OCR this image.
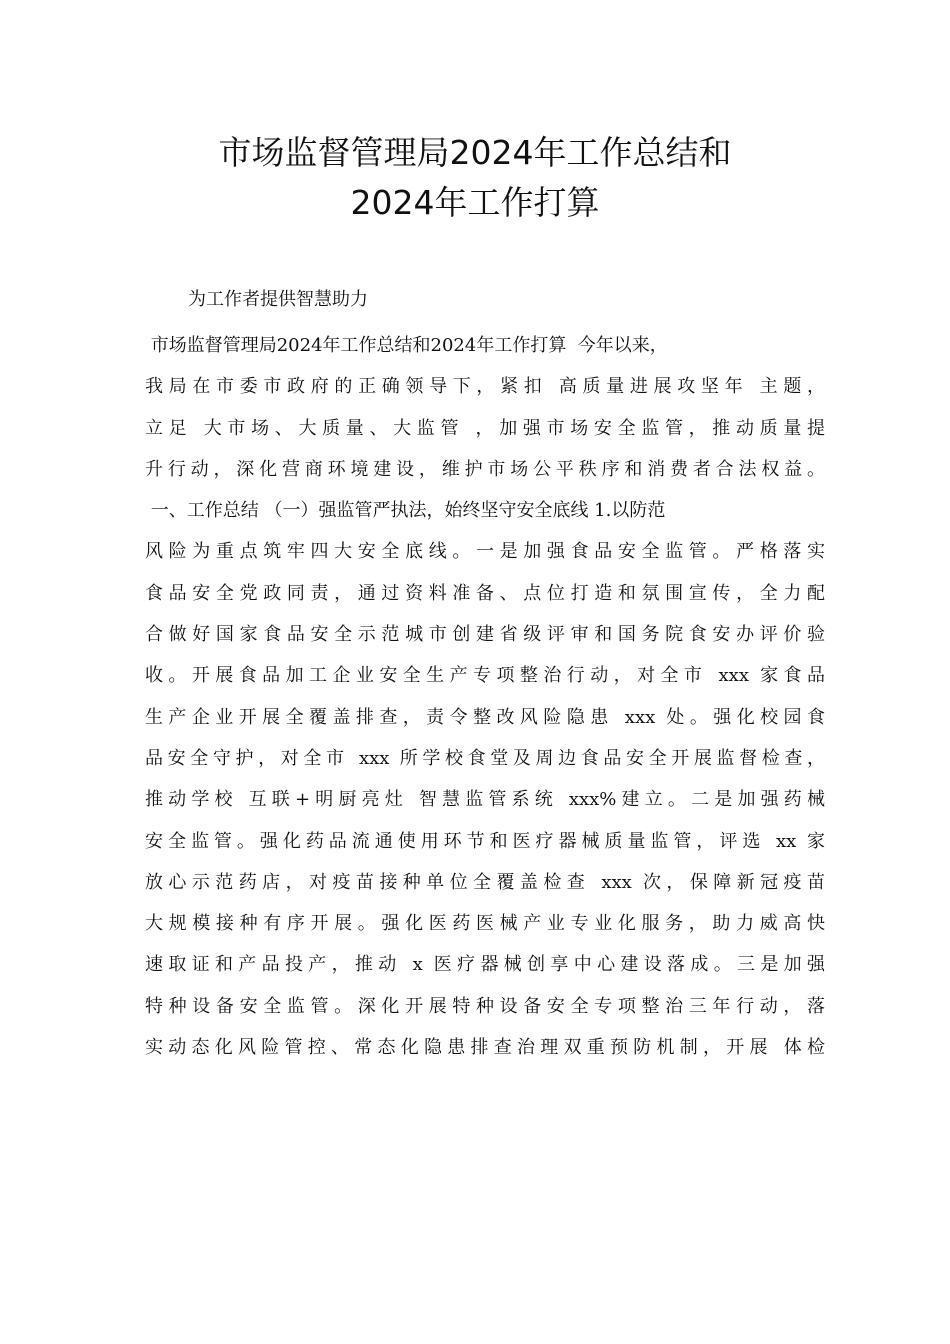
市场监督管理局2024年工作总结和
2024年工作打算
为工作者提供智慧助力
市场监督管理局2024年工作总结和2024年工作打算  今年以来，
我局在市委市政府的正确领导下，紧扣 高质量进展攻坚年 主题，
立足 大市场、大质量、大监管 ，加强市场安全监管，推动质量提
升行动，深化营商环境建设，维护市场公平秩序和消费者合法权益。
一、工作总结 （一）强监管严执法，始终坚守安全底线 1.以防范
风险为重点筑牢四大安全底线。一是加强食品安全监管。严格落实
食品安全党政同责，通过资料准备、点位打造和氛围宣传，全力配
合做好国家食品安全示范城市创建省级评审和国务院食安办评价验
收。开展食品加工企业安全生产专项整治行动，对全市 xxx 家食品
生产企业开展全覆盖排查，责令整改风险隐患 xxx 处。强化校园食
品安全守护，对全市 xxx 所学校食堂及周边食品安全开展监督检查，
推动学校 互联+明厨亮灶 智慧监管系统 xxx%建立。二是加强药械
安全监管。强化药品流通使用环节和医疗器械质量监管，评选 xx 家
放心示范药店，对疫苗接种单位全覆盖检查 xxx 次，保障新冠疫苗
大规模接种有序开展。强化医药医械产业专业化服务，助力威高快
速取证和产品投产，推动 x 医疗器械创享中心建设落成。三是加强
特种设备安全监管。深化开展特种设备安全专项整治三年行动，落
实动态化风险管控、常态化隐患排查治理双重预防机制，开展 体检
